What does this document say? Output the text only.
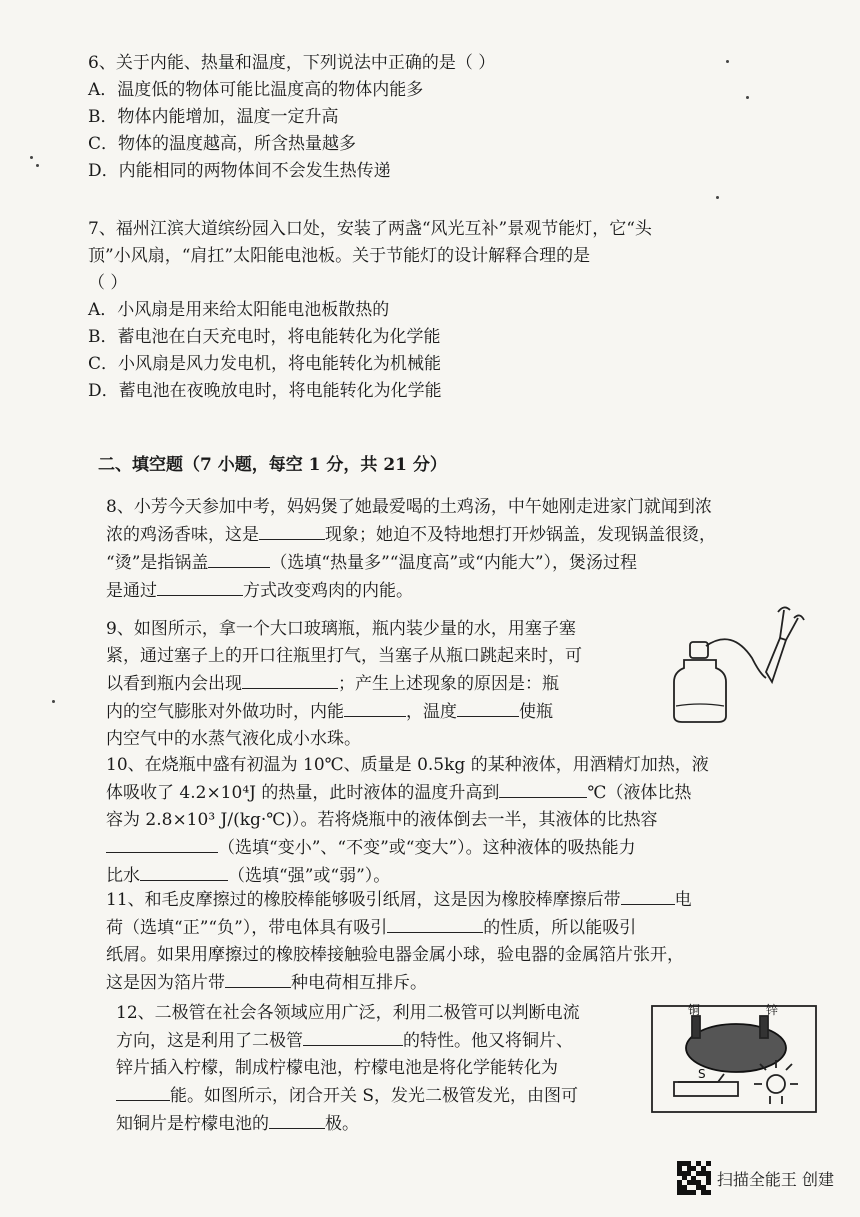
6、关于内能、热量和温度，下列说法中正确的是（ ）
A．温度低的物体可能比温度高的物体内能多
B．物体内能增加，温度一定升高
C．物体的温度越高，所含热量越多
D．内能相同的两物体间不会发生热传递
7、福州江滨大道缤纷园入口处，安装了两盏“风光互补”景观节能灯，它“头
顶”小风扇，“肩扛”太阳能电池板。关于节能灯的设计解释合理的是
（ ）
A．小风扇是用来给太阳能电池板散热的
B．蓄电池在白天充电时，将电能转化为化学能
C．小风扇是风力发电机，将电能转化为机械能
D．蓄电池在夜晚放电时，将电能转化为化学能
二、填空题（7 小题，每空 1 分，共 21 分）
8、小芳今天参加中考，妈妈煲了她最爱喝的土鸡汤，中午她刚走进家门就闻到浓
浓的鸡汤香味，这是	现象；她迫不及特地想打开炒锅盖，发现锅盖很烫，
“烫”是指锅盖	（选填“热量多”“温度高”或“内能大”），煲汤过程
是通过	方式改变鸡肉的内能。
9、如图所示，拿一个大口玻璃瓶，瓶内装少量的水，用塞子塞
紧，通过塞子上的开口往瓶里打气，当塞子从瓶口跳起来时，可
以看到瓶内会出现	；产生上述现象的原因是：瓶
内的空气膨胀对外做功时，内能	，温度	使瓶
内空气中的水蒸气液化成小水珠。
10、在烧瓶中盛有初温为 10℃、质量是 0.5kg 的某种液体，用酒精灯加热，液
体吸收了 4.2×10⁴J 的热量，此时液体的温度升高到	℃（液体比热
容为 2.8×10³ J/(kg·℃)）。若将烧瓶中的液体倒去一半，其液体的比热容
（选填“变小”、“不变”或“变大”）。这种液体的吸热能力
比水	（选填“强”或“弱”）。
11、和毛皮摩擦过的橡胶棒能够吸引纸屑，这是因为橡胶棒摩擦后带	电
荷（选填“正”“负”），带电体具有吸引	的性质，所以能吸引
纸屑。如果用摩擦过的橡胶棒接触验电器金属小球，验电器的金属箔片张开，
这是因为箔片带	种电荷相互排斥。
12、二极管在社会各领域应用广泛，利用二极管可以判断电流
方向，这是利用了二极管	的特性。他又将铜片、
锌片插入柠檬，制成柠檬电池，柠檬电池是将化学能转化为
能。如图所示，闭合开关 S，发光二极管发光，由图可
知铜片是柠檬电池的	极。
铜	锌
S
扫描全能王 创建
